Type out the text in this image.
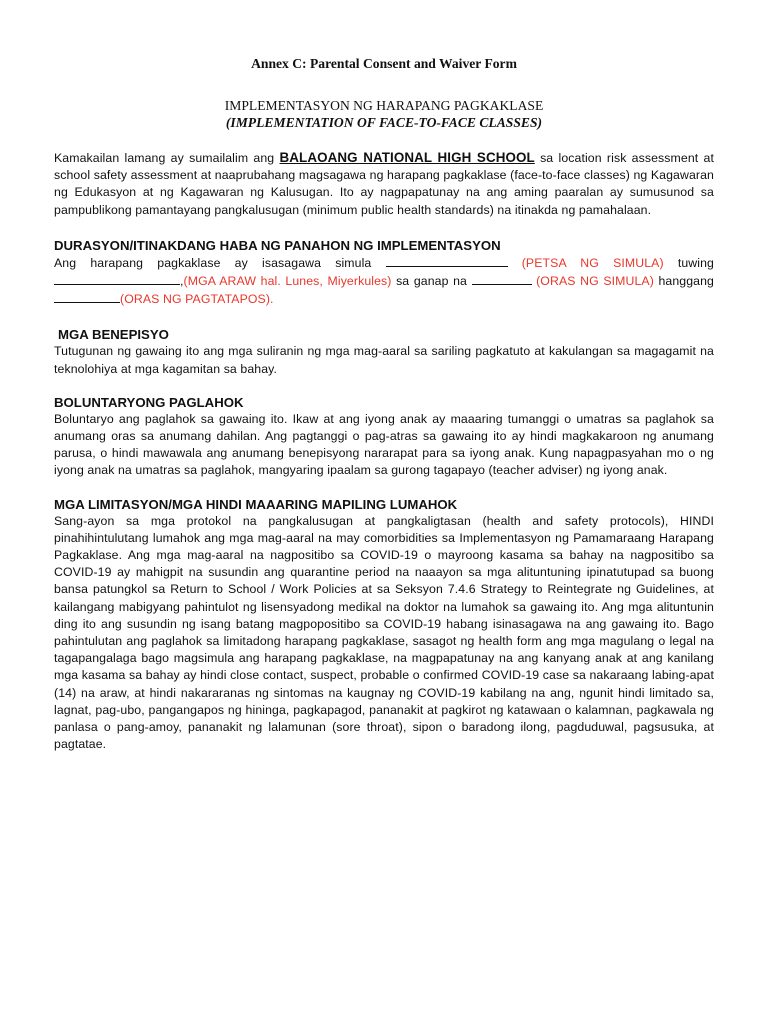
Annex C: Parental Consent and Waiver Form
IMPLEMENTASYON NG HARAPANG PAGKAKLASE
(IMPLEMENTATION OF FACE-TO-FACE CLASSES)

Kamakailan lamang ay sumailalim ang BALAOANG NATIONAL HIGH SCHOOL sa location risk assessment at school safety assessment at naaprubahang magsagawa ng harapang pagkaklase (face-to-face classes) ng Kagawaran ng Edukasyon at ng Kagawaran ng Kalusugan. Ito ay nagpapatunay na ang aming paaralan ay sumusunod sa pampublikong pamantayang pangkalusugan (minimum public health standards) na itinakda ng pamahalaan.

DURASYON/ITINAKDANG HABA NG PANAHON NG IMPLEMENTASYON

Ang harapang pagkaklase ay isasagawa simula	(PETSA NG SIMULA) tuwing ,(MGA ARAW hal. Lunes, Miyerkules) sa ganap na	(ORAS NG SIMULA) hanggang (ORAS NG PAGTATAPOS).

MGA BENEPISYO

Tutugunan ng gawaing ito ang mga suliranin ng mga mag-aaral sa sariling pagkatuto at kakulangan sa magagamit na teknolohiya at mga kagamitan sa bahay.

BOLUNTARYONG PAGLAHOK

Boluntaryo ang paglahok sa gawaing ito. Ikaw at ang iyong anak ay maaaring tumanggi o umatras sa paglahok sa anumang oras sa anumang dahilan. Ang pagtanggi o pag-atras sa gawaing ito ay hindi magkakaroon ng anumang parusa, o hindi mawawala ang anumang benepisyong nararapat para sa iyong anak. Kung napagpasyahan mo o ng iyong anak na umatras sa paglahok, mangyaring ipaalam sa gurong tagapayo (teacher adviser) ng iyong anak.

MGA LIMITASYON/MGA HINDI MAAARING MAPILING LUMAHOK

Sang-ayon sa mga protokol na pangkalusugan at pangkaligtasan (health and safety protocols), HINDI pinahihintulutang lumahok ang mga mag-aaral na may comorbidities sa Implementasyon ng Pamamaraang Harapang Pagkaklase. Ang mga mag-aaral na nagpositibo sa COVID-19 o mayroong kasama sa bahay na nagpositibo sa COVID-19 ay mahigpit na susundin ang quarantine period na naaayon sa mga alituntuning ipinatutupad sa buong bansa patungkol sa Return to School / Work Policies at sa Seksyon 7.4.6 Strategy to Reintegrate ng Guidelines, at kailangang mabigyang pahintulot ng lisensyadong medikal na doktor na lumahok sa gawaing ito. Ang mga alituntunin ding ito ang susundin ng isang batang magpopositibo sa COVID-19 habang isinasagawa na ang gawaing ito. Bago pahintulutan ang paglahok sa limitadong harapang pagkaklase, sasagot ng health form ang mga magulang o legal na tagapangalaga bago magsimula ang harapang pagkaklase, na magpapatunay na ang kanyang anak at ang kanilang mga kasama sa bahay ay hindi close contact, suspect, probable o confirmed COVID-19 case sa nakaraang labing-apat (14) na araw, at hindi nakararanas ng sintomas na kaugnay ng COVID-19 kabilang na ang, ngunit hindi limitado sa, lagnat, pag-ubo, pangangapos ng hininga, pagkapagod, pananakit at pagkirot ng katawaan o kalamnan, pagkawala ng panlasa o pang-amoy, pananakit ng lalamunan (sore throat), sipon o baradong ilong, pagduduwal, pagsusuka, at pagtatae.
